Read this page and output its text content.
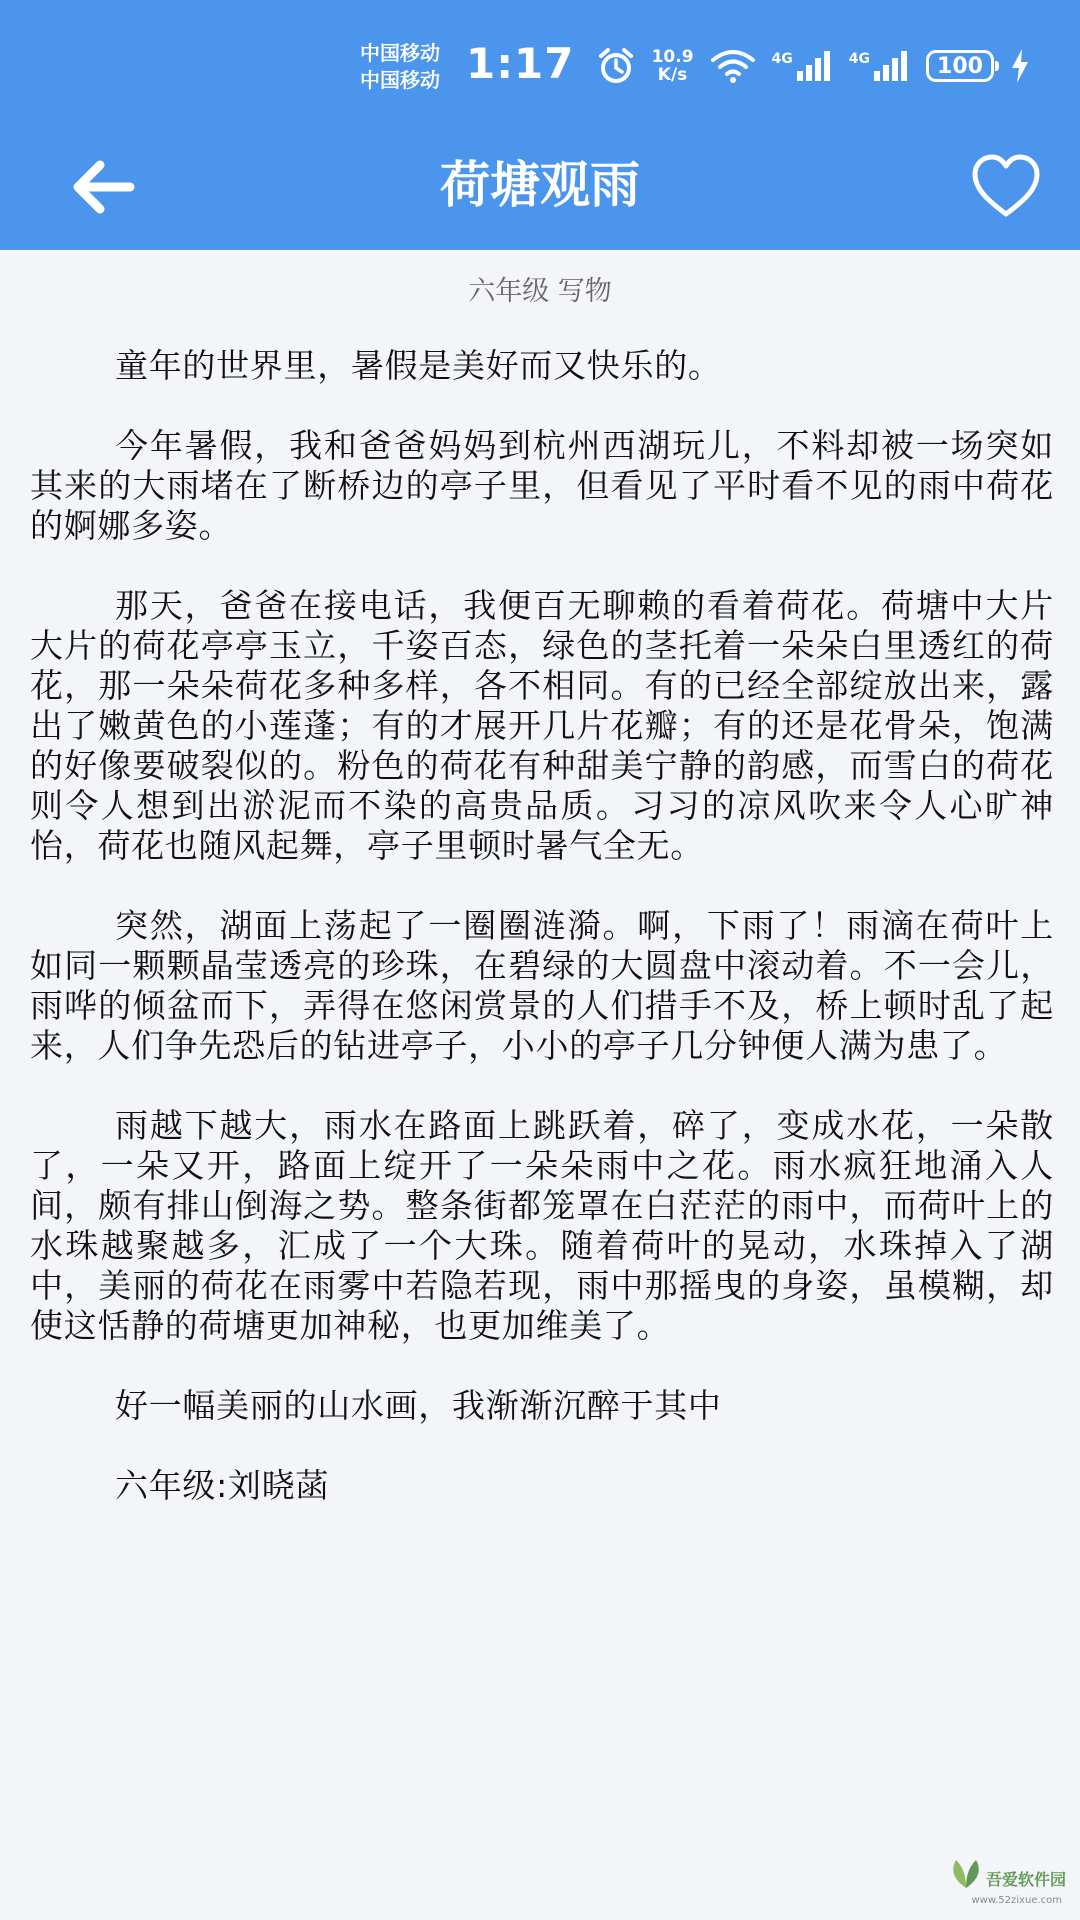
中国移动
中国移动 1:17	10.9
K/s
4G	4G	100
荷塘观雨
六年级 写物

童年的世界里，暑假是美好而又快乐的。

今年暑假，我和爸爸妈妈到杭州西湖玩儿，不料却被一场突如其来的大雨堵在了断桥边的亭子里，但看见了平时看不见的雨中荷花的婀娜多姿。

那天，爸爸在接电话，我便百无聊赖的看着荷花。荷塘中大片大片的荷花亭亭玉立，千姿百态，绿色的茎托着一朵朵白里透红的荷花，那一朵朵荷花多种多样，各不相同。有的已经全部绽放出来，露出了嫩黄色的小莲蓬；有的才展开几片花瓣；有的还是花骨朵，饱满的好像要破裂似的。粉色的荷花有种甜美宁静的韵感，而雪白的荷花则令人想到出淤泥而不染的高贵品质。习习的凉风吹来令人心旷神怡，荷花也随风起舞，亭子里顿时暑气全无。

突然，湖面上荡起了一圈圈涟漪。啊，下雨了！雨滴在荷叶上如同一颗颗晶莹透亮的珍珠，在碧绿的大圆盘中滚动着。不一会儿，雨哗的倾盆而下，弄得在悠闲赏景的人们措手不及，桥上顿时乱了起来，人们争先恐后的钻进亭子，小小的亭子几分钟便人满为患了。

雨越下越大，雨水在路面上跳跃着，碎了，变成水花，一朵散了，一朵又开，路面上绽开了一朵朵雨中之花。雨水疯狂地涌入人间，颇有排山倒海之势。整条街都笼罩在白茫茫的雨中，而荷叶上的水珠越聚越多，汇成了一个大珠。随着荷叶的晃动，水珠掉入了湖中，美丽的荷花在雨雾中若隐若现，雨中那摇曳的身姿，虽模糊，却使这恬静的荷塘更加神秘，也更加维美了。

好一幅美丽的山水画，我渐渐沉醉于其中

六年级:刘晓菡

吾爱软件园
www.52zixue.com
